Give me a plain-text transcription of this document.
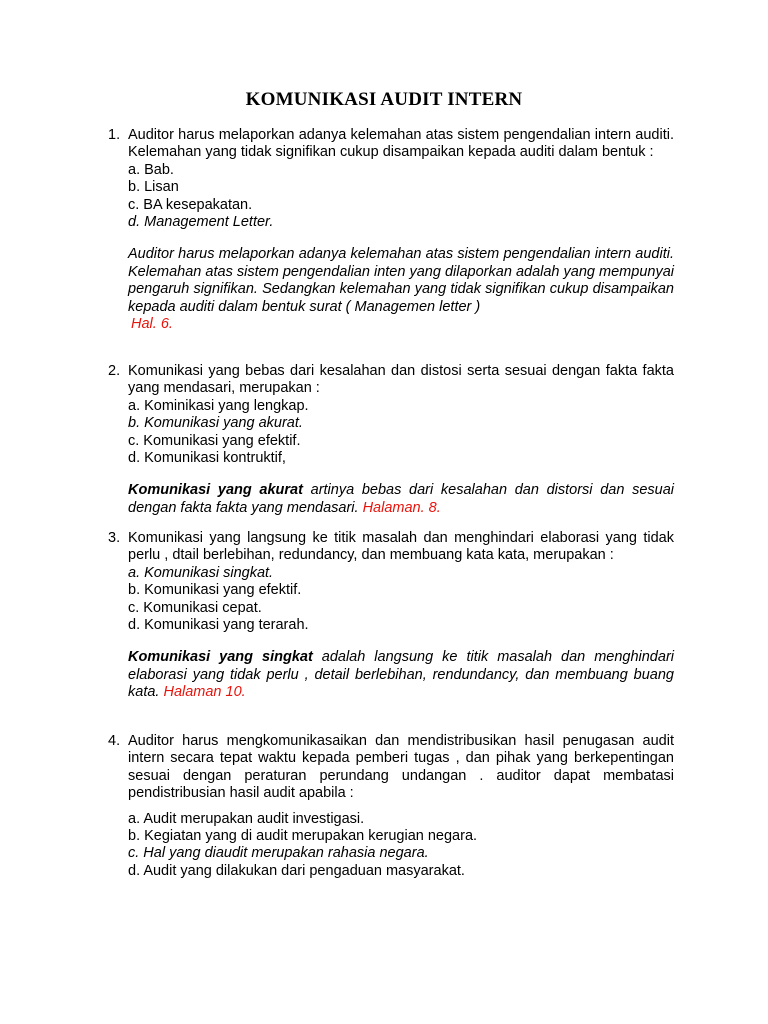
KOMUNIKASI AUDIT INTERN
1. Auditor harus melaporkan adanya kelemahan atas sistem pengendalian intern auditi. Kelemahan yang tidak signifikan cukup disampaikan kepada auditi dalam bentuk :

a. Bab.

b. Lisan

c. BA kesepakatan.

d. Management Letter.

Auditor harus melaporkan adanya kelemahan atas sistem pengendalian intern auditi. Kelemahan atas sistem pengendalian inten yang dilaporkan adalah yang mempunyai pengaruh signifikan. Sedangkan kelemahan yang tidak signifikan cukup disampaikan kepada auditi dalam bentuk surat ( Managemen letter )
Hal. 6.

2. Komunikasi yang bebas dari kesalahan dan distosi serta sesuai dengan fakta fakta yang mendasari, merupakan :

a. Kominikasi yang lengkap.

b. Komunikasi yang akurat.

c. Komunikasi yang efektif.

d. Komunikasi kontruktif,

Komunikasi yang akurat artinya bebas dari kesalahan dan distorsi dan sesuai dengan fakta fakta yang mendasari. Halaman. 8.

3. Komunikasi yang langsung ke titik masalah dan menghindari elaborasi yang tidak perlu , dtail berlebihan, redundancy, dan membuang kata kata, merupakan :

a. Komunikasi singkat.

b. Komunikasi yang efektif.

c. Komunikasi cepat.

d. Komunikasi yang terarah.

Komunikasi yang singkat adalah langsung ke titik masalah dan menghindari elaborasi yang tidak perlu , detail berlebihan, rendundancy, dan membuang buang kata. Halaman 10.

4. Auditor harus mengkomunikasaikan dan mendistribusikan hasil penugasan audit intern secara tepat waktu kepada pemberi tugas , dan pihak yang berkepentingan sesuai dengan peraturan perundang undangan . auditor dapat membatasi pendistribusian hasil audit apabila :

a. Audit merupakan audit investigasi.

b. Kegiatan yang di audit merupakan kerugian negara.

c. Hal yang diaudit merupakan rahasia negara.

d. Audit yang dilakukan dari pengaduan masyarakat.
